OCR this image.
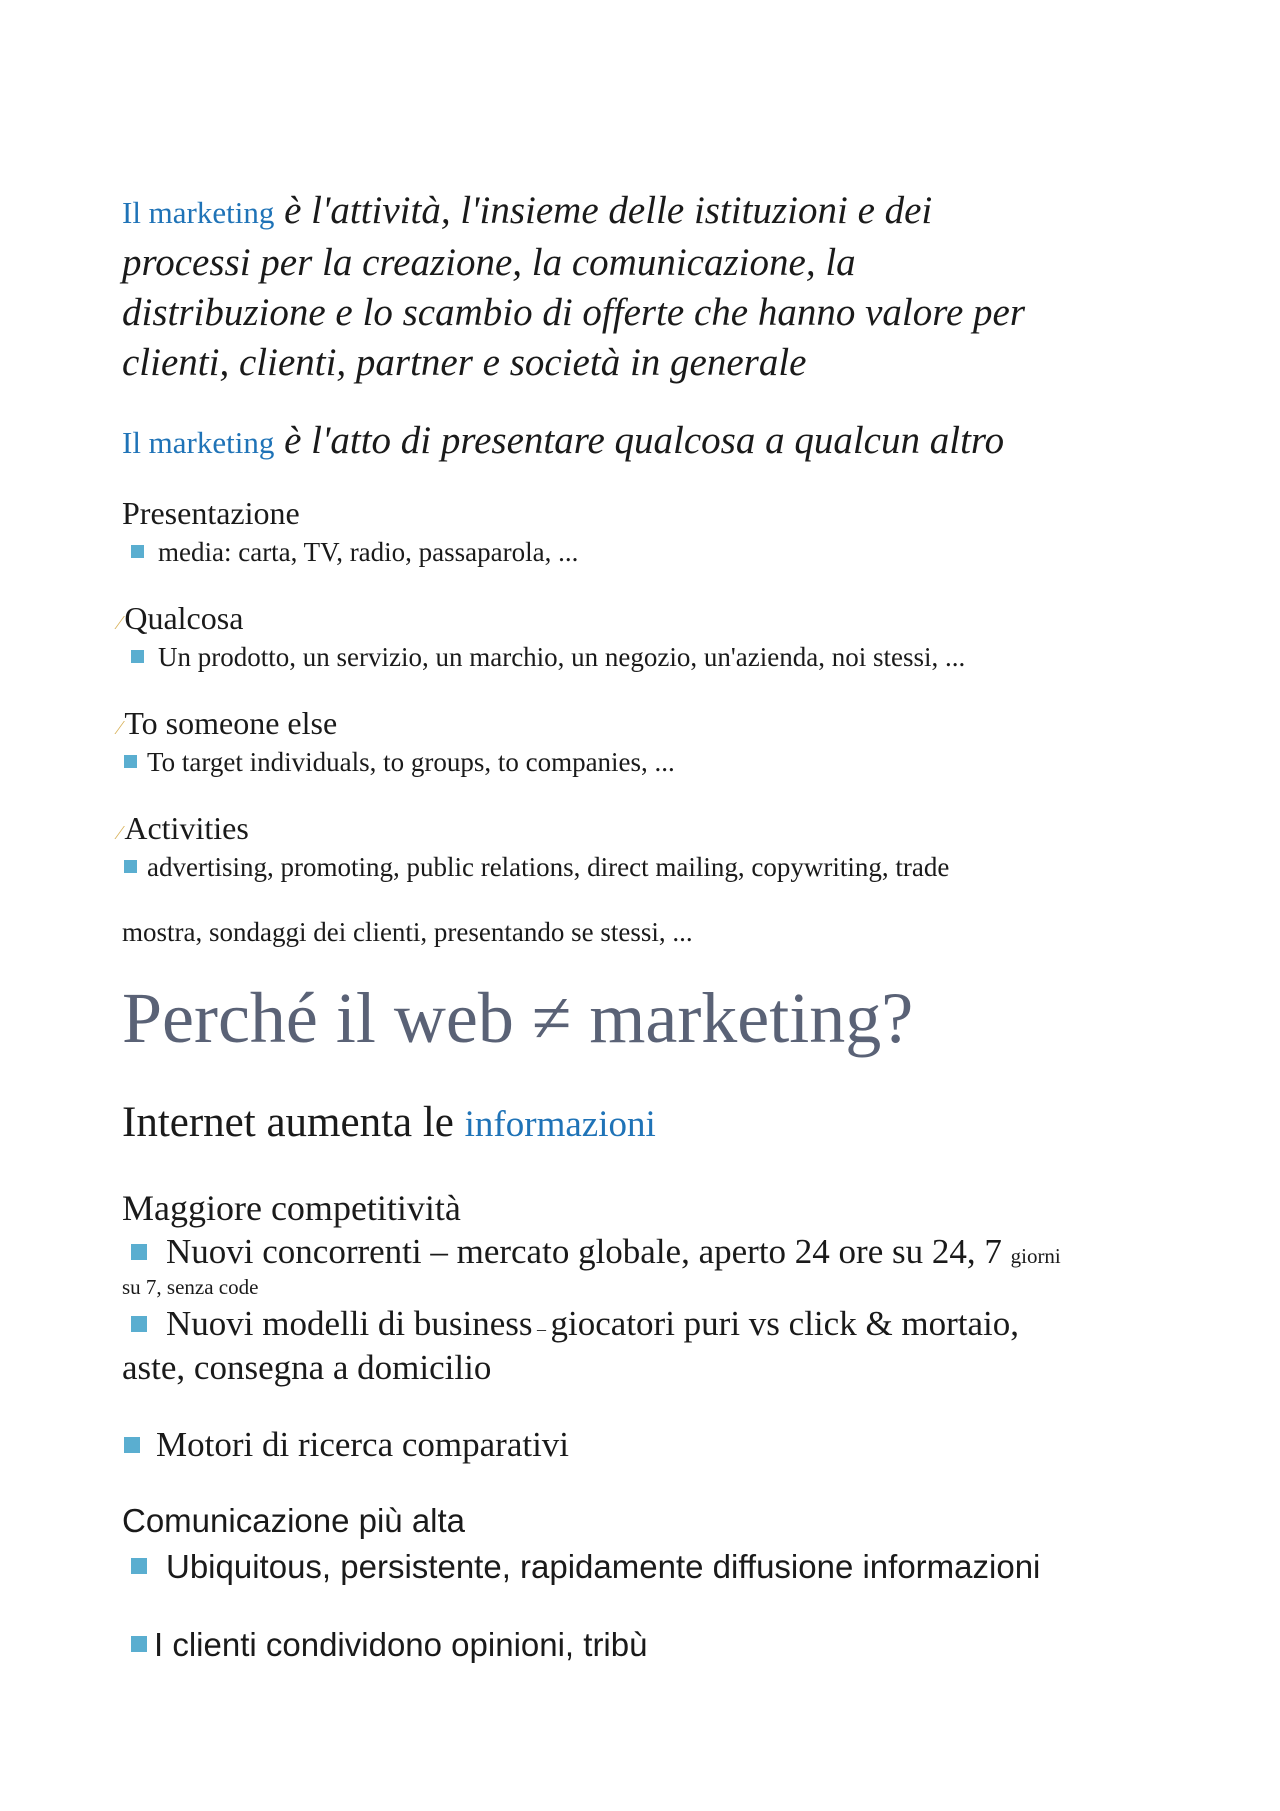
Il marketing è l'attività, l'insieme delle istituzioni e dei
processi per la creazione, la comunicazione, la
distribuzione e lo scambio di offerte che hanno valore per
clienti, clienti, partner e società in generale
Il marketing è l'atto di presentare qualcosa a qualcun altro
Presentazione
media: carta, TV, radio, passaparola, ...
⁄Qualcosa
Un prodotto, un servizio, un marchio, un negozio, un'azienda, noi stessi, ...
⁄To someone else
To target individuals, to groups, to companies, ...
⁄Activities
advertising, promoting, public relations, direct mailing, copywriting, trade
mostra, sondaggi dei clienti, presentando se stessi, ...
Perché il web ≠ marketing?
Internet aumenta le informazioni
Maggiore competitività
Nuovi concorrenti – mercato globale, aperto 24 ore su 24, 7 giorni
su 7, senza code
Nuovi modelli di business – giocatori puri vs click & mortaio,
aste, consegna a domicilio
Motori di ricerca comparativi
Comunicazione più alta
Ubiquitous, persistente, rapidamente diffusione informazioni
I clienti condividono opinioni, tribù
